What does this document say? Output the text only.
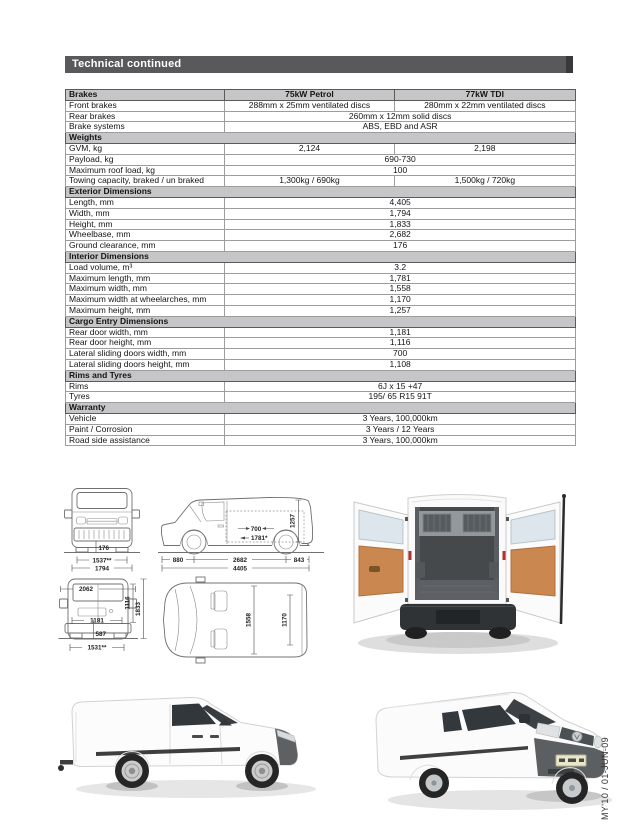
Technical continued
Brakes	75kW Petrol	77kW TDI
Front brakes	288mm x 25mm ventilated discs	280mm x 22mm ventilated discs
Rear brakes	260mm x 12mm solid discs	
Brake systems	ABS, EBD and ASR	
Weights		
GVM, kg	2,124	2,198
Payload, kg	690-730	
Maximum roof load, kg	100	
Towing capacity, braked / un braked	1,300kg / 690kg	1,500kg / 720kg
Exterior Dimensions		
Length, mm	4,405	
Width, mm	1,794	
Height, mm	1,833	
Wheelbase, mm	2,682	
Ground clearance, mm	176	
Interior Dimensions		
Load volume, m³	3.2	
Maximum length, mm	1,781	
Maximum width, mm	1,558	
Maximum width at wheelarches, mm	1,170	
Maximum height, mm	1,257	
Cargo Entry Dimensions		
Rear door width, mm	1,181	
Rear door height, mm	1,116	
Lateral sliding doors width, mm	700	
Lateral sliding doors height, mm	1,108	
Rims and Tyres		
Rims	6J x 15 +47	
Tyres	195/ 65 R15 91T	
Warranty		
Vehicle	3 Years, 100,000km	
Paint / Corrosion	3 Years / 12 Years	
Road side assistance	3 Years, 100,000km	
176
1537**
1794
1257
700
1781*
880	2682	843
4405
2062
1116 1833
1181
587
1531**
1558	1170
MY'10 / 01-JUN-09
